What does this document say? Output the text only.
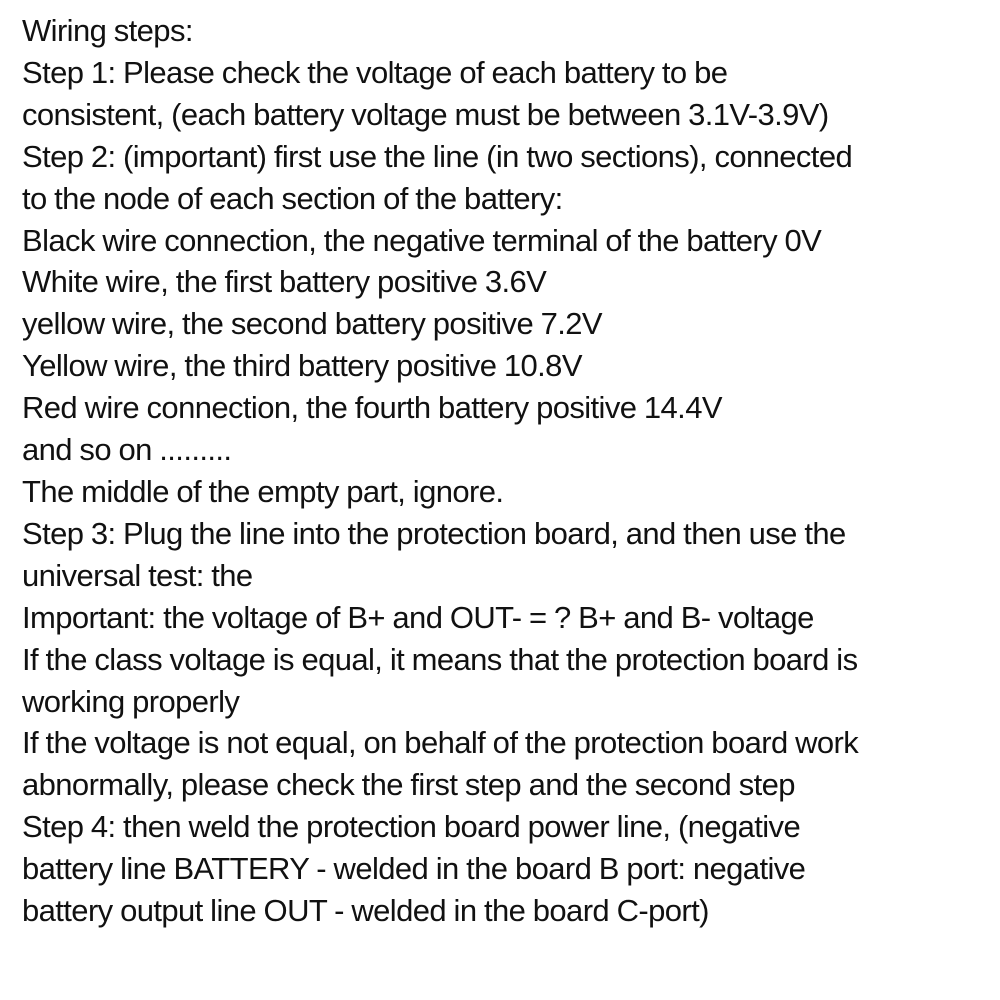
Wiring steps:
Step 1: Please check the voltage of each battery to be
consistent, (each battery voltage must be between 3.1V-3.9V)
Step 2: (important) first use the line (in two sections), connected
to the node of each section of the battery:
Black wire connection, the negative terminal of the battery 0V
White wire, the first battery positive 3.6V
yellow wire, the second battery positive 7.2V
Yellow wire, the third battery positive 10.8V
Red wire connection, the fourth battery positive 14.4V
and so on .........
The middle of the empty part, ignore.
Step 3: Plug the line into the protection board, and then use the
universal test: the
Important: the voltage of B+ and OUT- = ? B+ and B- voltage
If the class voltage is equal, it means that the protection board is
working properly
If the voltage is not equal, on behalf of the protection board work
abnormally, please check the first step and the second step
Step 4: then weld the protection board power line, (negative
battery line BATTERY - welded in the board B port: negative
battery output line OUT - welded in the board C-port)
